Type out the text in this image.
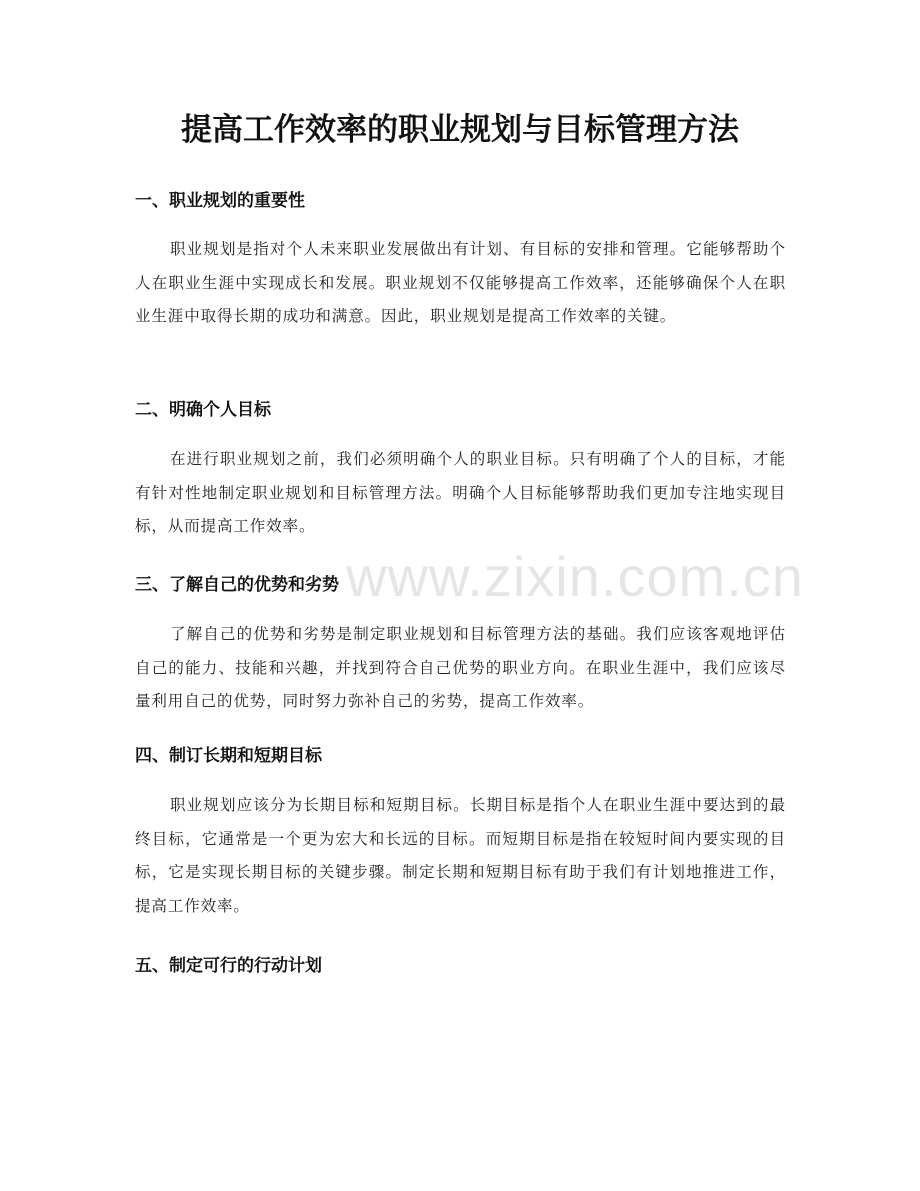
提高工作效率的职业规划与目标管理方法
一、职业规划的重要性

职业规划是指对个人未来职业发展做出有计划、有目标的安排和管理。它能够帮助个人在职业生涯中实现成长和发展。职业规划不仅能够提高工作效率，还能够确保个人在职业生涯中取得长期的成功和满意。因此，职业规划是提高工作效率的关键。

二、明确个人目标

在进行职业规划之前，我们必须明确个人的职业目标。只有明确了个人的目标，才能有针对性地制定职业规划和目标管理方法。明确个人目标能够帮助我们更加专注地实现目标，从而提高工作效率。

三、了解自己的优势和劣势

了解自己的优势和劣势是制定职业规划和目标管理方法的基础。我们应该客观地评估自己的能力、技能和兴趣，并找到符合自己优势的职业方向。在职业生涯中，我们应该尽量利用自己的优势，同时努力弥补自己的劣势，提高工作效率。

四、制订长期和短期目标

职业规划应该分为长期目标和短期目标。长期目标是指个人在职业生涯中要达到的最终目标，它通常是一个更为宏大和长远的目标。而短期目标是指在较短时间内要实现的目标，它是实现长期目标的关键步骤。制定长期和短期目标有助于我们有计划地推进工作，提高工作效率。

五、制定可行的行动计划
www.zixin.com.cn
